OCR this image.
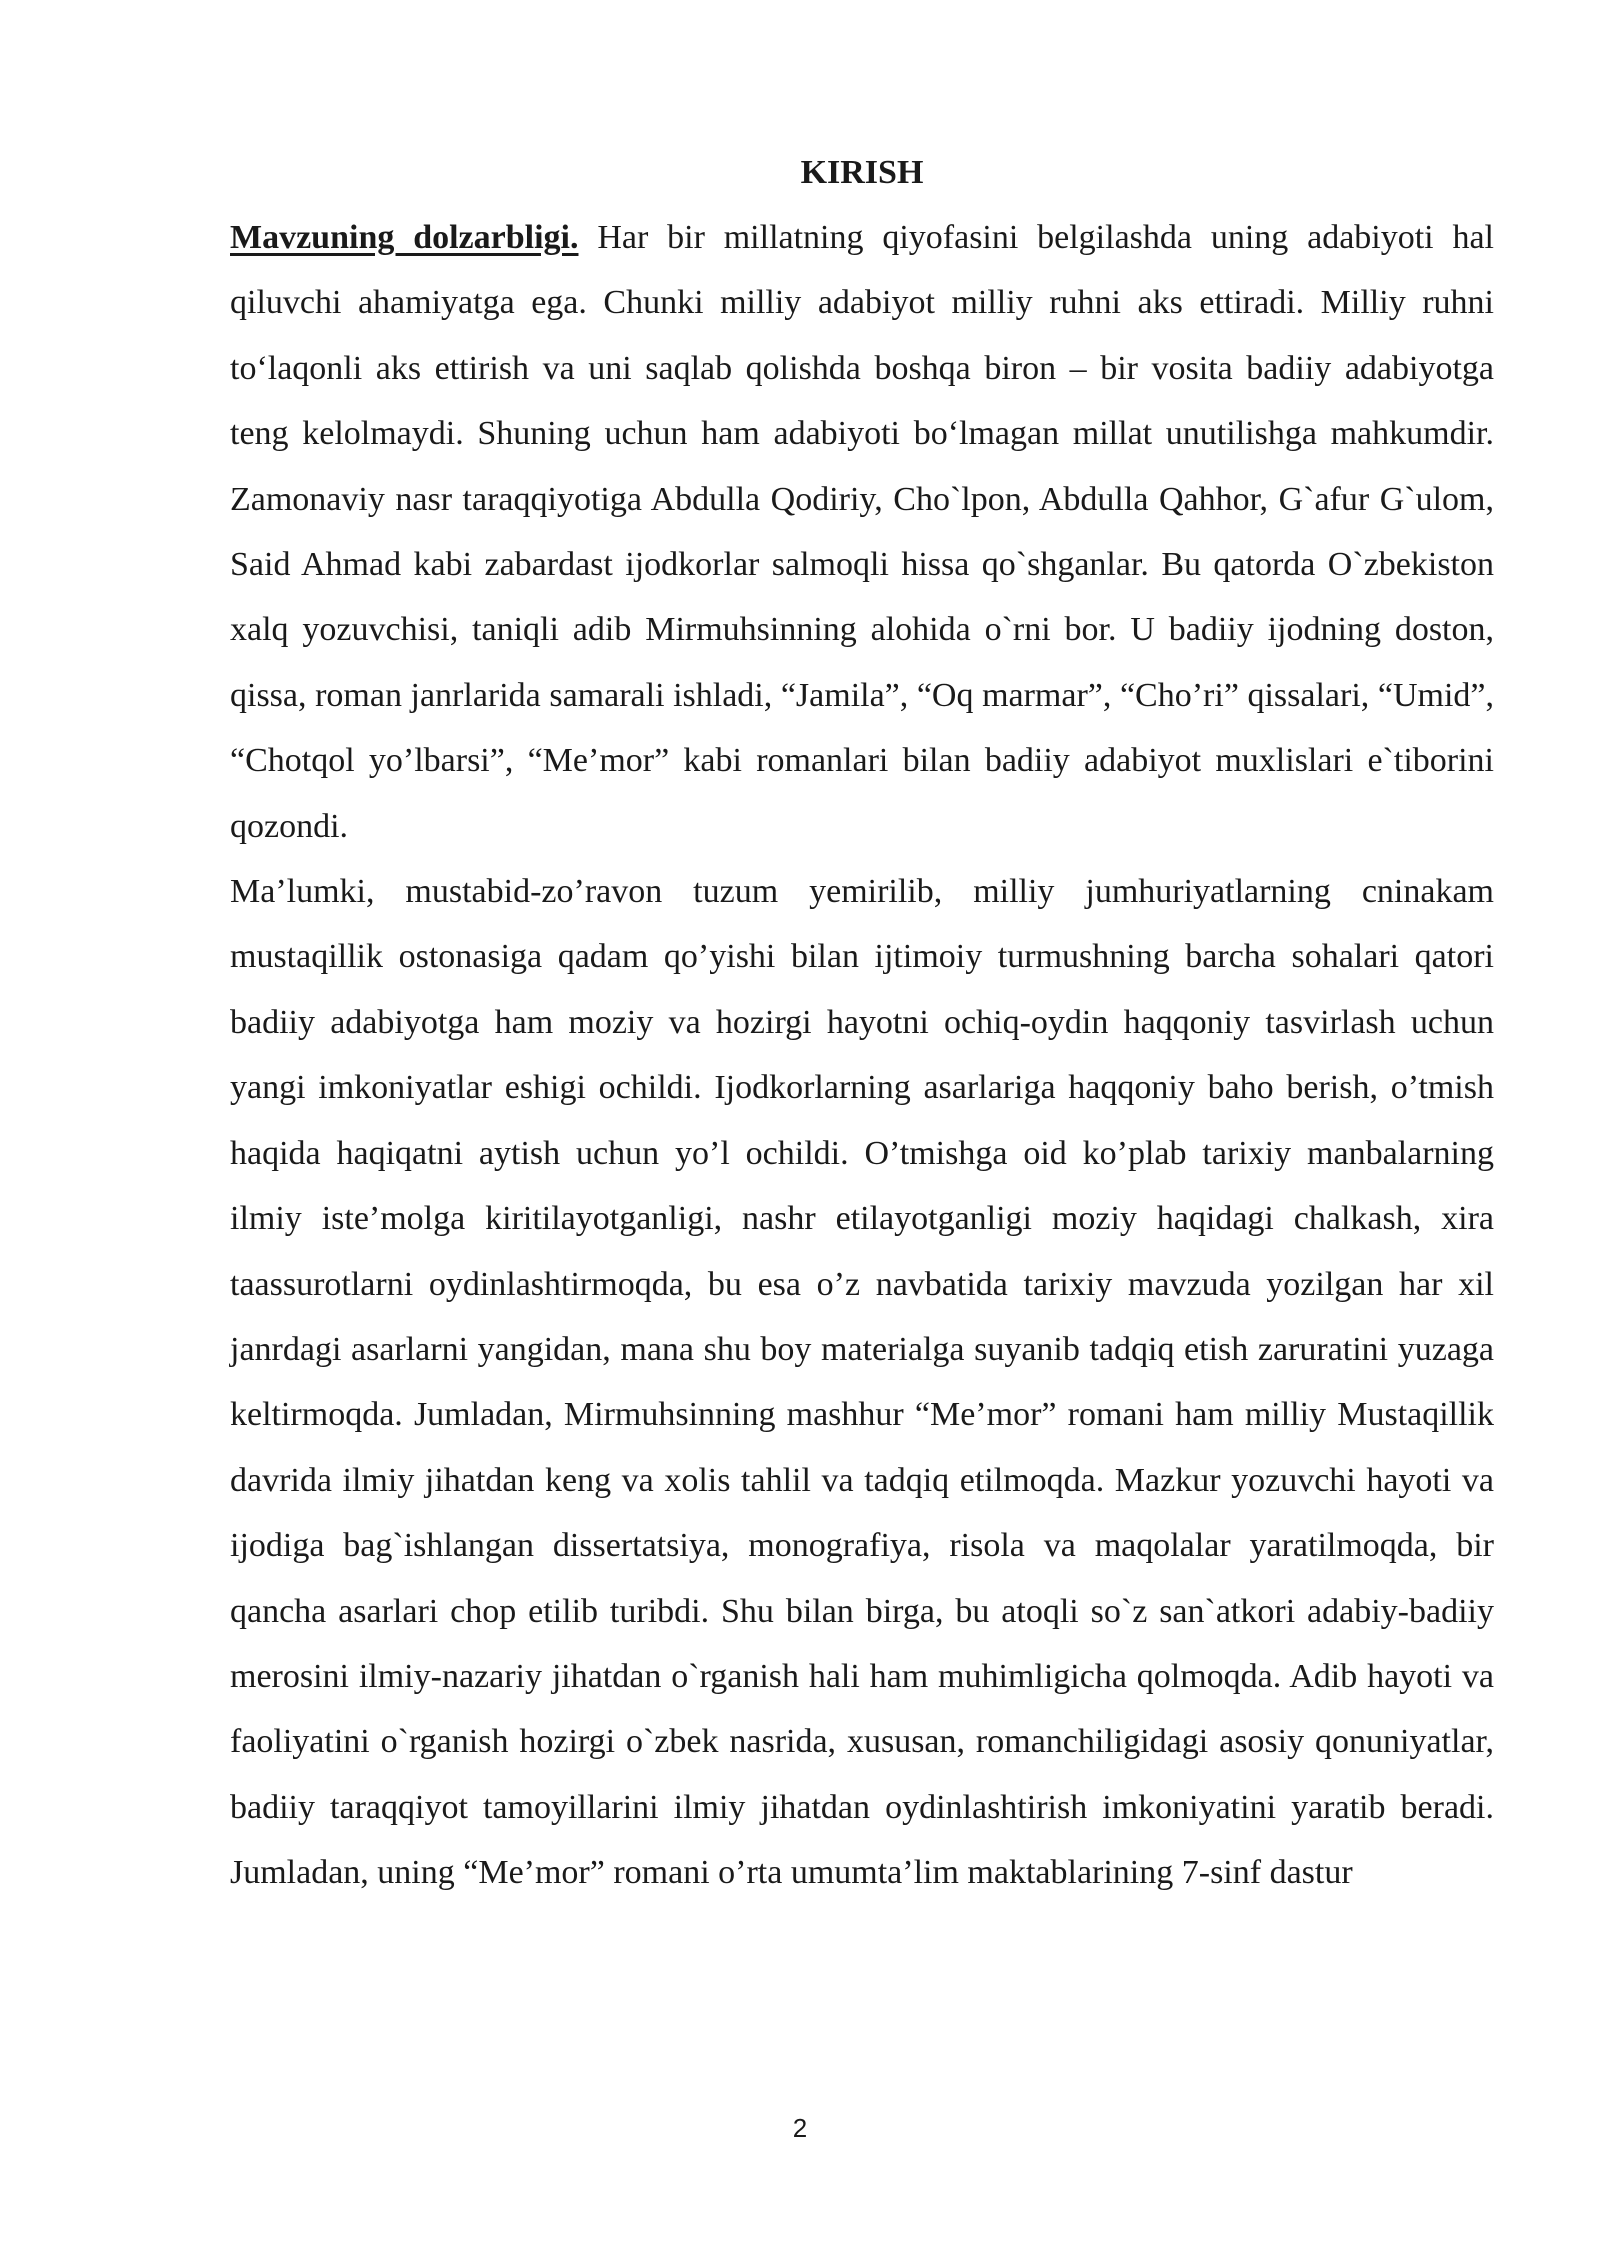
KIRISH

Mavzuning dolzarbligi. Har bir millatning qiyofasini belgilashda uning adabiyoti hal qiluvchi ahamiyatga ega. Chunki milliy adabiyot milliy ruhni aks ettiradi. Milliy ruhni to‘laqonli aks ettirish va uni saqlab qolishda boshqa biron – bir vosita badiiy adabiyotga teng kelolmaydi. Shuning uchun ham adabiyoti bo‘lmagan millat unutilishga mahkumdir. Zamonaviy nasr taraqqiyotiga Abdulla Qodiriy, Cho`lpon, Abdulla Qahhor, G`afur G`ulom, Said Ahmad kabi zabardast ijodkorlar salmoqli hissa qo`shganlar. Bu qatorda O`zbekiston xalq yozuvchisi, taniqli adib Mirmuhsinning alohida o`rni bor. U badiiy ijodning doston, qissa, roman janrlarida samarali ishladi, “Jamila”, “Oq marmar”, “Cho’ri” qissalari, “Umid”, “Chotqol yo’lbarsi”, “Me’mor” kabi romanlari bilan badiiy adabiyot muxlislari e`tiborini qozondi.

Ma’lumki, mustabid-zo’ravon tuzum yemirilib, milliy jumhuriyatlarning cninakam mustaqillik ostonasiga qadam qo’yishi bilan ijtimoiy turmushning barcha sohalari qatori badiiy adabiyotga ham moziy va hozirgi hayotni ochiq-oydin haqqoniy tasvirlash uchun yangi imkoniyatlar eshigi ochildi. Ijodkorlarning asarlariga haqqoniy baho berish, o’tmish haqida haqiqatni aytish uchun yo’l ochildi. O’tmishga oid ko’plab tarixiy manbalarning ilmiy iste’molga kiritilayotganligi, nashr etilayotganligi moziy haqidagi chalkash, xira taassurotlarni oydinlashtirmoqda, bu esa o’z navbatida tarixiy mavzuda yozilgan har xil janrdagi asarlarni yangidan, mana shu boy materialga suyanib tadqiq etish zaruratini yuzaga keltirmoqda. Jumladan, Mirmuhsinning mashhur “Me’mor” romani ham milliy Mustaqillik davrida ilmiy jihatdan keng va xolis tahlil va tadqiq etilmoqda. Mazkur yozuvchi hayoti va ijodiga bag`ishlangan dissertatsiya, monografiya, risola va maqolalar yaratilmoqda, bir qancha asarlari chop etilib turibdi. Shu bilan birga, bu atoqli so`z san`atkori adabiy-badiiy merosini ilmiy-nazariy jihatdan o`rganish hali ham muhimligicha qolmoqda. Adib hayoti va faoliyatini o`rganish hozirgi o`zbek nasrida, xususan, romanchiligidagi asosiy qonuniyatlar, badiiy taraqqiyot tamoyillarini ilmiy jihatdan oydinlashtirish imkoniyatini yaratib beradi. Jumladan, uning “Me’mor” romani o’rta umumta’lim maktablarining 7-sinf dastur

2
